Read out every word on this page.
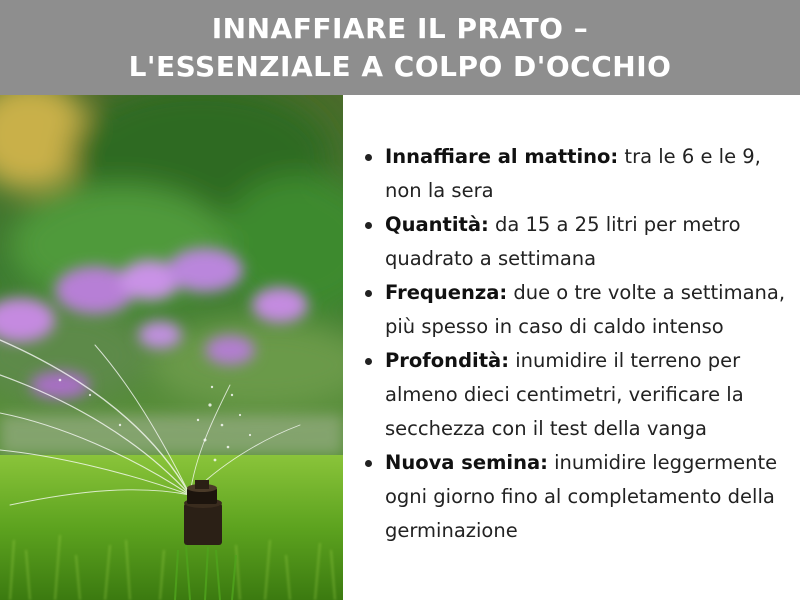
INNAFFIARE IL PRATO –
L'ESSENZIALE A COLPO D'OCCHIO
Innaffiare al mattino: tra le 6 e le 9, non la sera
Quantità: da 15 a 25 litri per metro quadrato a settimana
Frequenza: due o tre volte a settimana, più spesso in caso di caldo intenso
Profondità: inumidire il terreno per almeno dieci centimetri, verificare la secchezza con il test della vanga
Nuova semina: inumidire leggermente ogni giorno fino al completamento della germinazione
